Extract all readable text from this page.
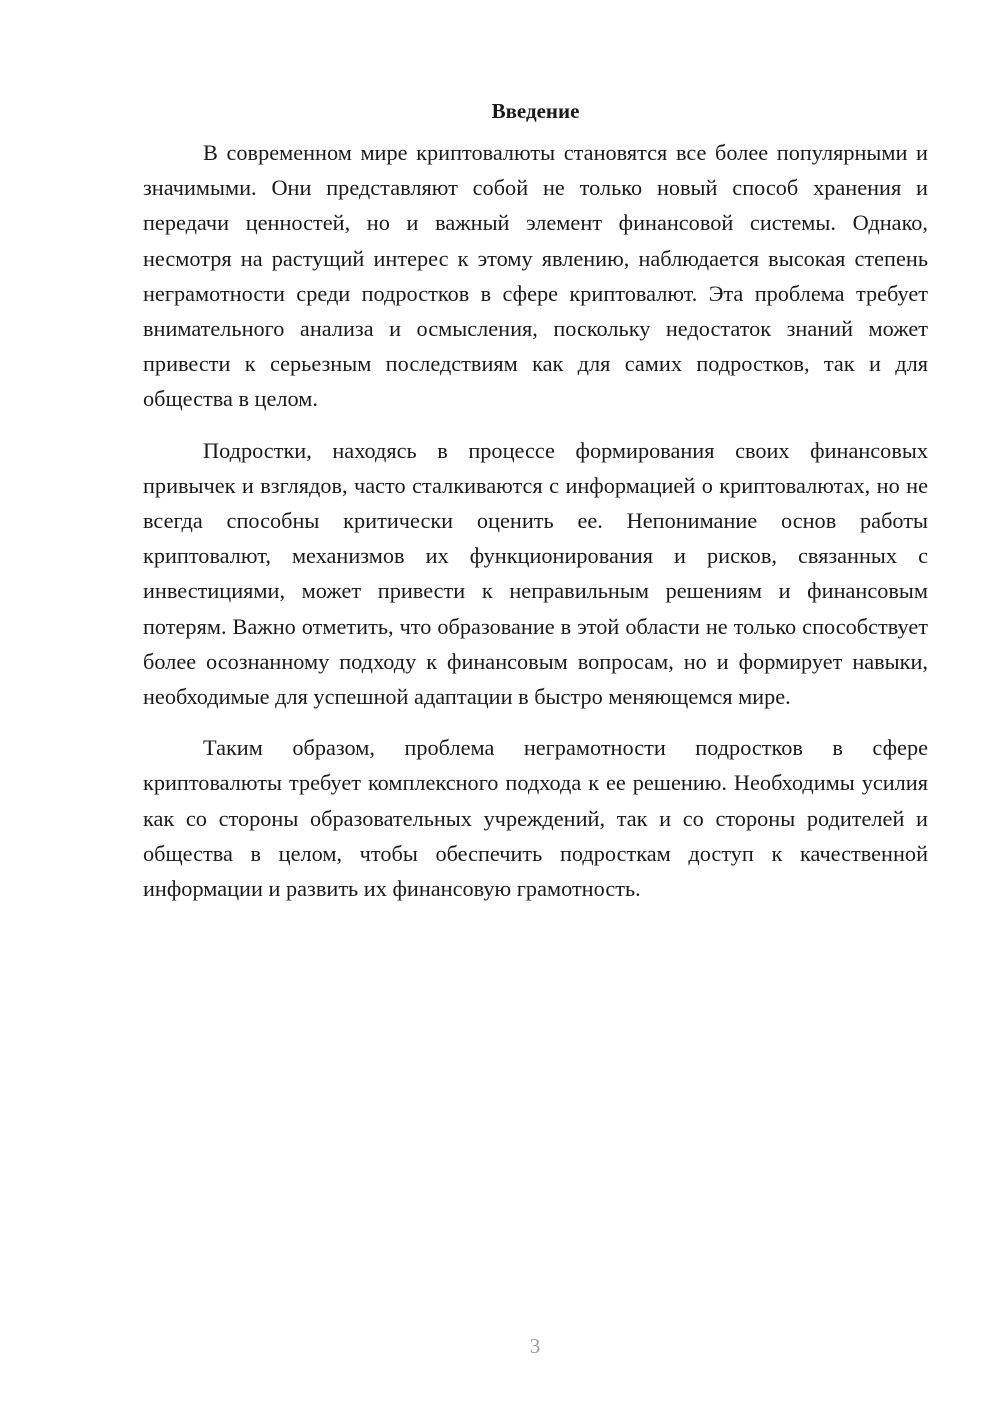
Введение

В современном мире криптовалюты становятся все более популярными и значимыми. Они представляют собой не только новый способ хранения и передачи ценностей, но и важный элемент финансовой системы. Однако, несмотря на растущий интерес к этому явлению, наблюдается высокая степень неграмотности среди подростков в сфере криптовалют. Эта проблема требует внимательного анализа и осмысления, поскольку недостаток знаний может привести к серьезным последствиям как для самих подростков, так и для общества в целом.

Подростки, находясь в процессе формирования своих финансовых привычек и взглядов, часто сталкиваются с информацией о криптовалютах, но не всегда способны критически оценить ее. Непонимание основ работы криптовалют, механизмов их функционирования и рисков, связанных с инвестициями, может привести к неправильным решениям и финансовым потерям. Важно отметить, что образование в этой области не только способствует более осознанному подходу к финансовым вопросам, но и формирует навыки, необходимые для успешной адаптации в быстро меняющемся мире.

Таким образом, проблема неграмотности подростков в сфере криптовалюты требует комплексного подхода к ее решению. Необходимы усилия как со стороны образовательных учреждений, так и со стороны родителей и общества в целом, чтобы обеспечить подросткам доступ к качественной информации и развить их финансовую грамотность.

3
